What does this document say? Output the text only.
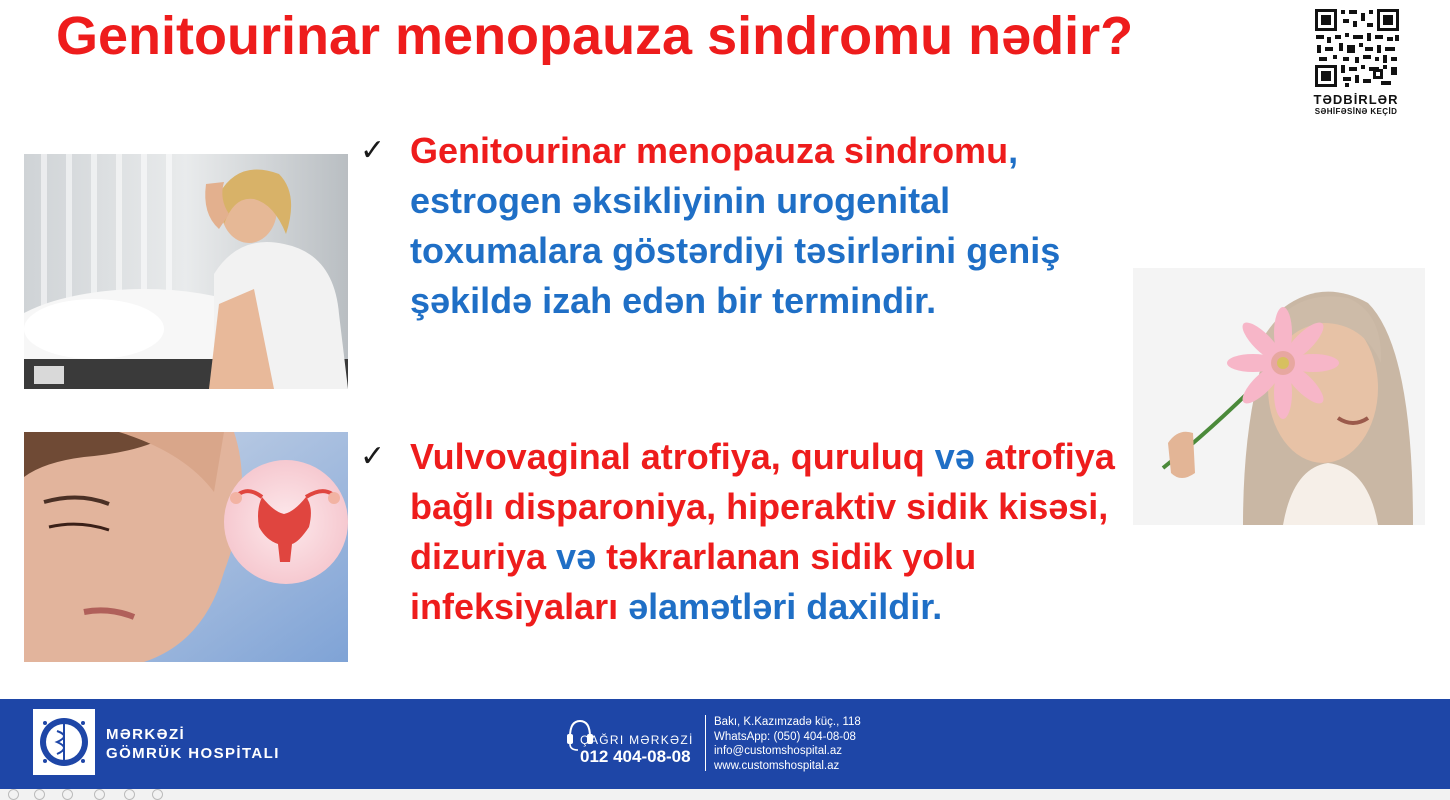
Genitourinar menopauza sindromu nədir?
TƏDBİRLƏR
SƏHİFƏSİNƏ KEÇİD
✓ Genitourinar menopauza sindromu, estrogen əksikliyinin urogenital toxumalara göstərdiyi təsirlərini geniş şəkildə izah edən bir termindir.

✓ Vulvovaginal atrofiya, quruluq və atrofiya bağlı disparoniya, hiperaktiv sidik kisəsi, dizuriya və təkrarlanan sidik yolu infeksiyaları əlamətləri daxildir.

MƏRKƏZİ
GÖMRÜK HOSPİTALI
ÇAĞRI MƏRKƏZİ
012 404-08-08
Bakı, K.Kazımzadə küç., 118
WhatsApp: (050) 404-08-08
info@customshospital.az
www.customshospital.az
